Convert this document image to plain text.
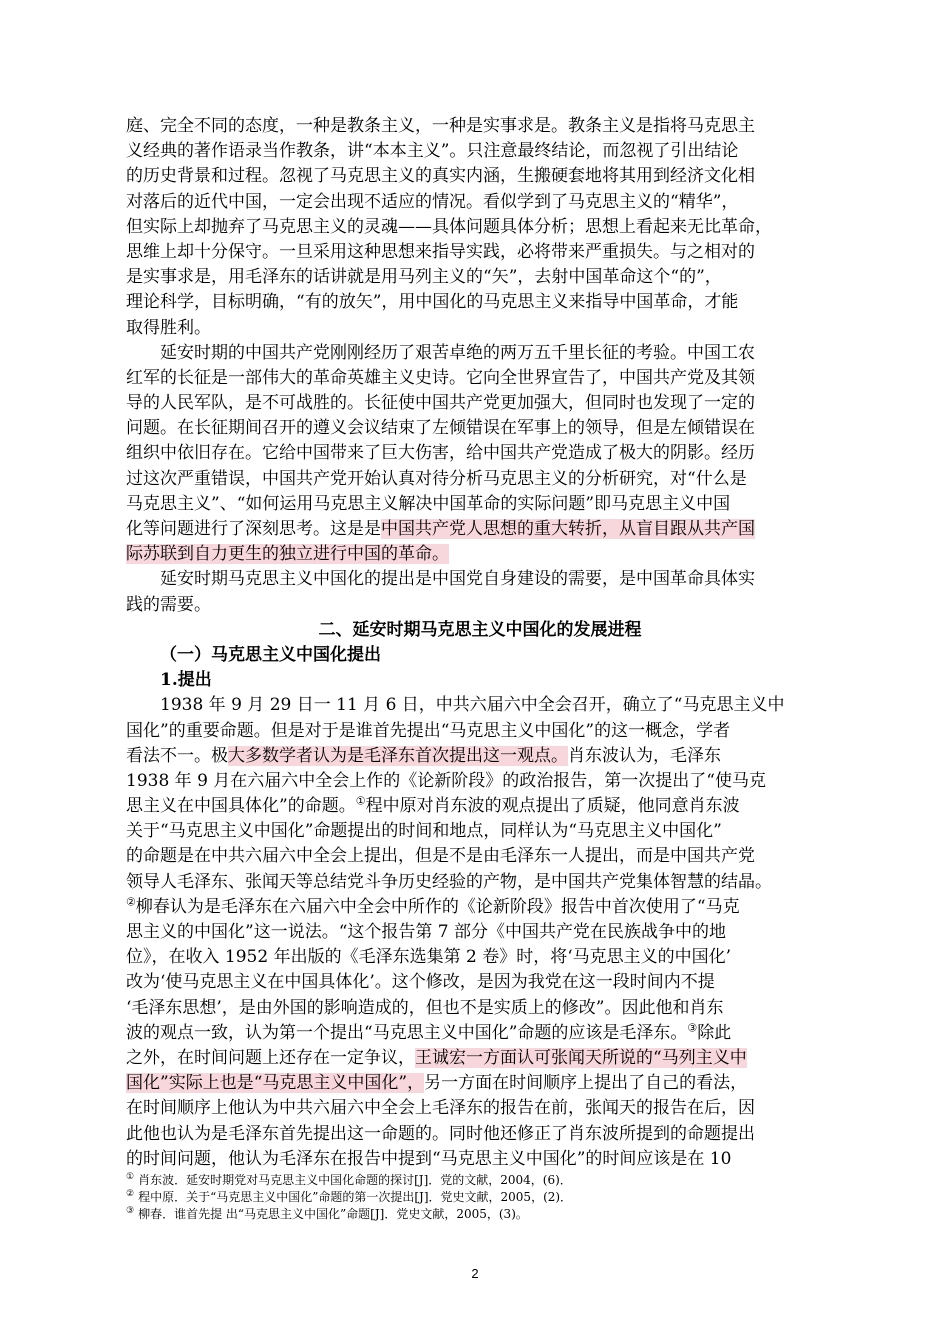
庭、完全不同的态度，一种是教条主义，一种是实事求是。教条主义是指将马克思主
义经典的著作语录当作教条，讲“本本主义”。只注意最终结论，而忽视了引出结论
的历史背景和过程。忽视了马克思主义的真实内涵，生搬硬套地将其用到经济文化相
对落后的近代中国，一定会出现不适应的情况。看似学到了马克思主义的“精华”，
但实际上却抛弃了马克思主义的灵魂——具体问题具体分析；思想上看起来无比革命，
思维上却十分保守。一旦采用这种思想来指导实践，必将带来严重损失。与之相对的
是实事求是，用毛泽东的话讲就是用马列主义的“矢”，去射中国革命这个“的”，
理论科学，目标明确，“有的放矢”，用中国化的马克思主义来指导中国革命，才能
取得胜利。
　　延安时期的中国共产党刚刚经历了艰苦卓绝的两万五千里长征的考验。中国工农
红军的长征是一部伟大的革命英雄主义史诗。它向全世界宣告了，中国共产党及其领
导的人民军队，是不可战胜的。长征使中国共产党更加强大，但同时也发现了一定的
问题。在长征期间召开的遵义会议结束了左倾错误在军事上的领导，但是左倾错误在
组织中依旧存在。它给中国带来了巨大伤害，给中国共产党造成了极大的阴影。经历
过这次严重错误，中国共产党开始认真对待分析马克思主义的分析研究，对“什么是
马克思主义”、“如何运用马克思主义解决中国革命的实际问题”即马克思主义中国
化等问题进行了深刻思考。这是是中国共产党人思想的重大转折，从盲目跟从共产国
际苏联到自力更生的独立进行中国的革命。
　　延安时期马克思主义中国化的提出是中国党自身建设的需要，是中国革命具体实
践的需要。
二、延安时期马克思主义中国化的发展进程
（一）马克思主义中国化提出
1.提出
　　1938 年 9 月 29 日一 11 月 6 日，中共六届六中全会召开，确立了“马克思主义中
国化”的重要命题。但是对于是谁首先提出“马克思主义中国化”的这一概念，学者
看法不一。极大多数学者认为是毛泽东首次提出这一观点。肖东波认为，毛泽东
1938 年 9 月在六届六中全会上作的《论新阶段》的政治报告，第一次提出了“使马克
思主义在中国具体化”的命题。①程中原对肖东波的观点提出了质疑，他同意肖东波
关于“马克思主义中国化”命题提出的时间和地点，同样认为“马克思主义中国化”
的命题是在中共六届六中全会上提出，但是不是由毛泽东一人提出，而是中国共产党
领导人毛泽东、张闻天等总结党斗争历史经验的产物，是中国共产党集体智慧的结晶。
②柳春认为是毛泽东在六届六中全会中所作的《论新阶段》报告中首次使用了“马克
思主义的中国化”这一说法。“这个报告第 7 部分《中国共产党在民族战争中的地
位》，在收入 1952 年出版的《毛泽东选集第 2 卷》时，将‘马克思主义的中国化’
改为‘使马克思主义在中国具体化’。这个修改，是因为我党在这一段时间内不提
‘毛泽东思想’，是由外国的影响造成的，但也不是实质上的修改”。因此他和肖东
波的观点一致，认为第一个提出“马克思主义中国化”命题的应该是毛泽东。③除此
之外，在时间问题上还存在一定争议，王诚宏一方面认可张闻天所说的“马列主义中
国化”实际上也是“马克思主义中国化”，另一方面在时间顺序上提出了自己的看法，
在时间顺序上他认为中共六届六中全会上毛泽东的报告在前，张闻天的报告在后，因
此他也认为是毛泽东首先提出这一命题的。同时他还修正了肖东波所提到的命题提出
的时间问题，他认为毛泽东在报告中提到“马克思主义中国化”的时间应该是在 10
① 肖东波．延安时期党对马克思主义中国化命题的探讨[J]．党的文献，2004，(6)．
② 程中原．关于“马克思主义中国化”命题的第一次提出[J]．党史文献，2005，(2)．
③ 柳春．谁首先提 出“马克思主义中国化”命题[J]．党史文献，2005，(3)。
2
